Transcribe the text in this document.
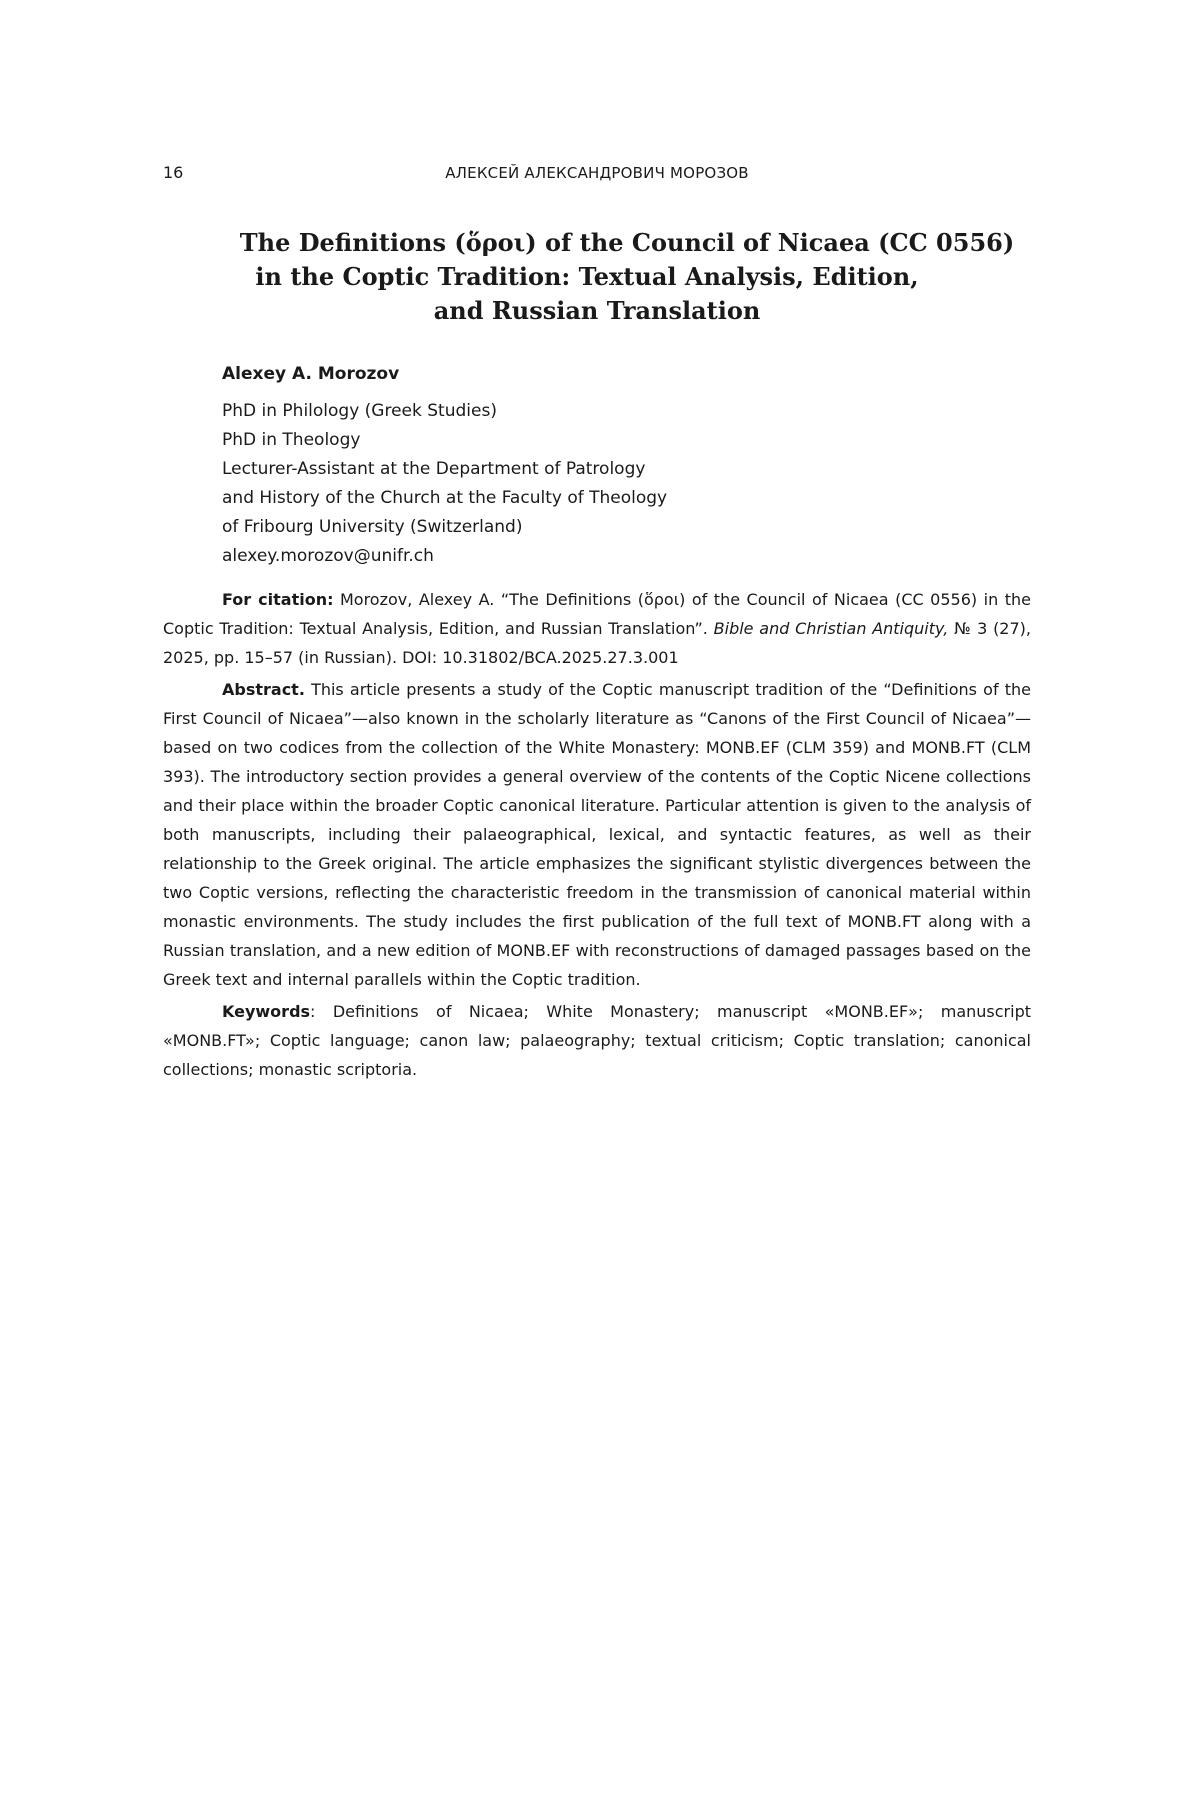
16	АЛЕКСЕЙ АЛЕКСАНДРОВИЧ МОРОЗОВ
The Definitions (ὅροι) of the Council of Nicaea (CC 0556)
in the Coptic Tradition: Textual Analysis, Edition,
and Russian Translation
Alexey A. Morozov
PhD in Philology (Greek Studies)
PhD in Theology
Lecturer-Assistant at the Department of Patrology
and History of the Church at the Faculty of Theology
of Fribourg University (Switzerland)
alexey.morozov@unifr.ch

For citation: Morozov, Alexey A. “The Definitions (ὅροι) of the Council of Nicaea (CC 0556) in the Coptic Tradition: Textual Analysis, Edition, and Russian Translation”. Bible and Christian Antiquity, № 3 (27), 2025, pp. 15–57 (in Russian). DOI: 10.31802/BCA.2025.27.3.001

Abstract. This article presents a study of the Coptic manuscript tradition of the “Definitions of the First Council of Nicaea”—also known in the scholarly literature as “Canons of the First Council of Nicaea”—based on two codices from the collection of the White Monastery: MONB.EF (CLM 359) and MONB.FT (CLM 393). The introductory section provides a general overview of the contents of the Coptic Nicene collections and their place within the broader Coptic canonical literature. Particular attention is given to the analysis of both manuscripts, including their palaeographical, lexical, and syntactic features, as well as their relationship to the Greek original. The article emphasizes the significant stylistic divergences between the two Coptic versions, reflecting the characteristic freedom in the transmission of canonical material within monastic environments. The study includes the first publication of the full text of MONB.FT along with a Russian translation, and a new edition of MONB.EF with reconstructions of damaged passages based on the Greek text and internal parallels within the Coptic tradition.

Keywords: Definitions of Nicaea; White Monastery; manuscript «MONB.EF»; manuscript «MONB.FT»; Coptic language; canon law; palaeography; textual criticism; Coptic translation; canonical collections; monastic scriptoria.
